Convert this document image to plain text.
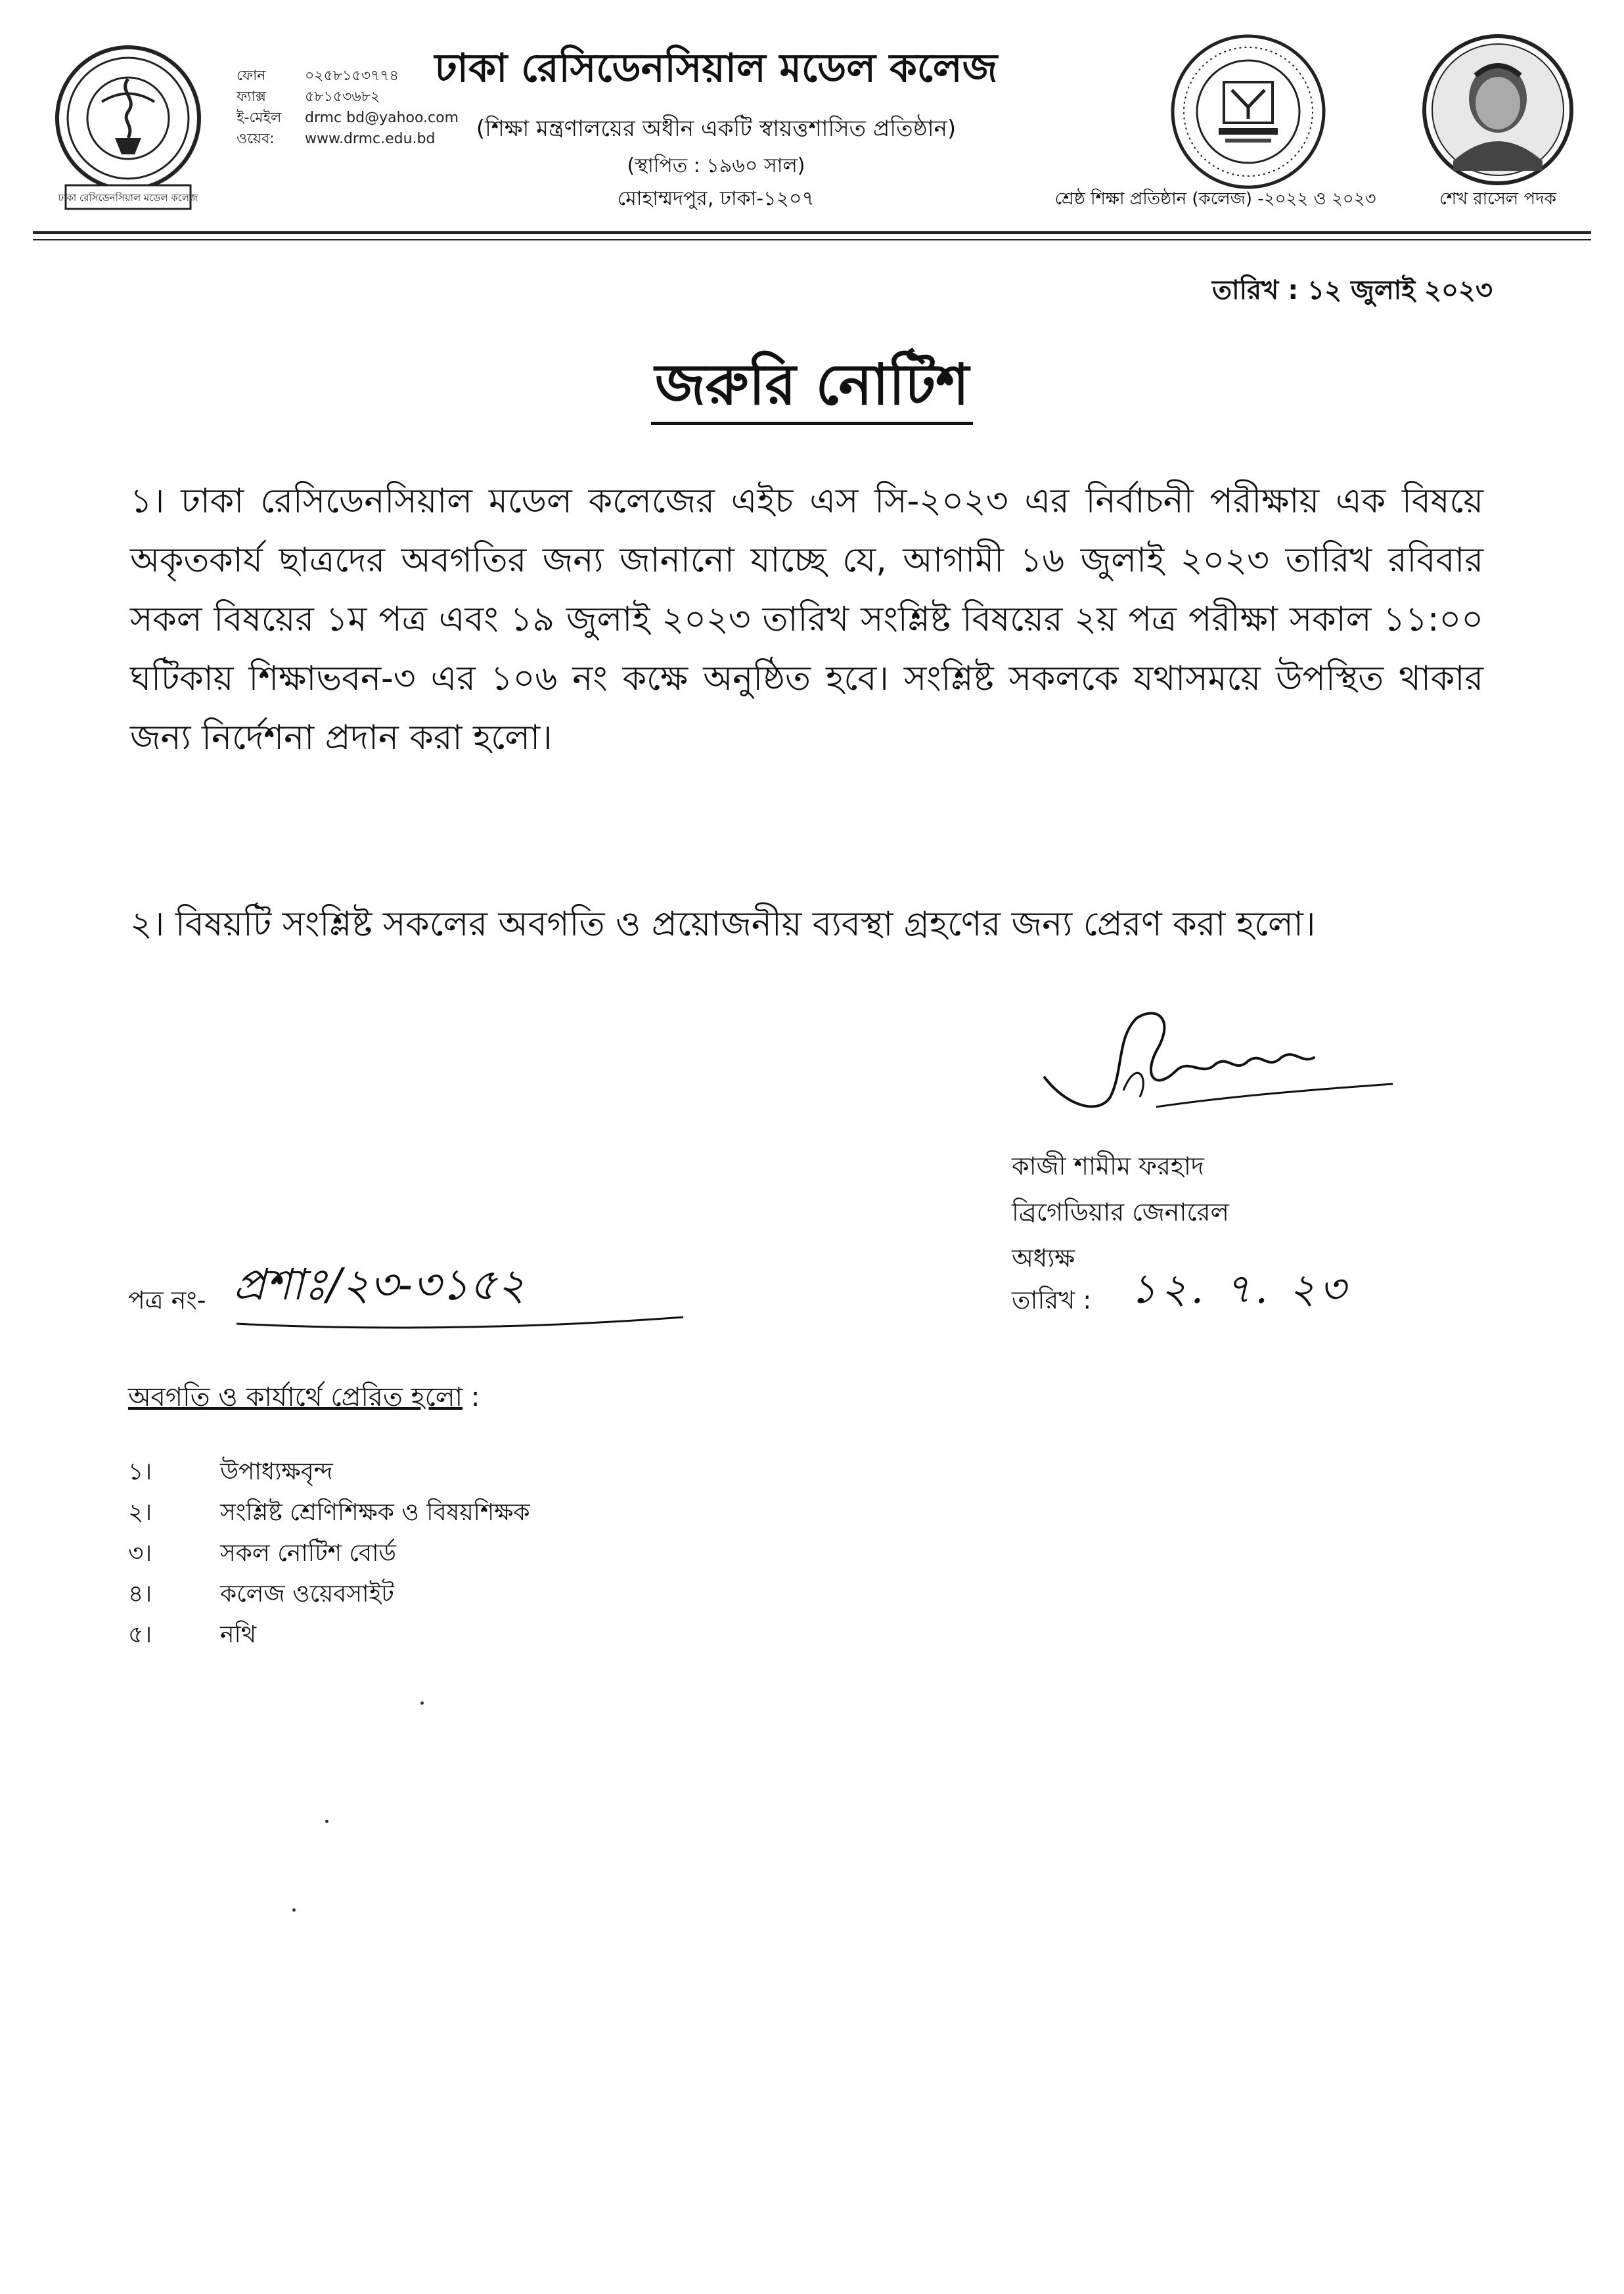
ঢাকা রেসিডেনসিয়াল মডেল কলেজ
ফোন	০২৫৮১৫৩৭৭৪
ফ্যাক্স	৫৮১৫৩৬৮২
ই-মেইল	drmc bd@yahoo.com
ওয়েব:	www.drmc.edu.bd
ঢাকা রেসিডেনসিয়াল মডেল কলেজ
(শিক্ষা মন্ত্রণালয়ের অধীন একটি স্বায়ত্তশাসিত প্রতিষ্ঠান)
(স্থাপিত : ১৯৬০ সাল)
মোহাম্মদপুর, ঢাকা-১২০৭	শ্রেষ্ঠ শিক্ষা প্রতিষ্ঠান (কলেজ) -২০২২ ও ২০২৩	শেখ রাসেল পদক
তারিখ : ১২ জুলাই ২০২৩
জরুরি নোটিশ
১। ঢাকা রেসিডেনসিয়াল মডেল কলেজের এইচ এস সি-২০২৩ এর নির্বাচনী পরীক্ষায় এক বিষয়ে অকৃতকার্য ছাত্রদের অবগতির জন্য জানানো যাচ্ছে যে, আগামী ১৬ জুলাই ২০২৩ তারিখ রবিবার সকল বিষয়ের ১ম পত্র এবং ১৯ জুলাই ২০২৩ তারিখ সংশ্লিষ্ট বিষয়ের ২য় পত্র পরীক্ষা সকাল ১১:০০ ঘটিকায় শিক্ষাভবন-৩ এর ১০৬ নং কক্ষে অনুষ্ঠিত হবে। সংশ্লিষ্ট সকলকে যথাসময়ে উপস্থিত থাকার জন্য নির্দেশনা প্রদান করা হলো।
২। বিষয়টি সংশ্লিষ্ট সকলের অবগতি ও প্রয়োজনীয় ব্যবস্থা গ্রহণের জন্য প্রেরণ করা হলো।
কাজী শামীম ফরহাদ
ব্রিগেডিয়ার জেনারেল
অধ্যক্ষ
তারিখ : ১২. ৭. ২৩
পত্র নং- প্রশাঃ/২৩-৩১৫২
অবগতি ও কার্যার্থে প্রেরিত হলো :
১।	উপাধ্যক্ষবৃন্দ
২।	সংশ্লিষ্ট শ্রেণিশিক্ষক ও বিষয়শিক্ষক
৩।	সকল নোটিশ বোর্ড
৪।	কলেজ ওয়েবসাইট
৫।	নথি
